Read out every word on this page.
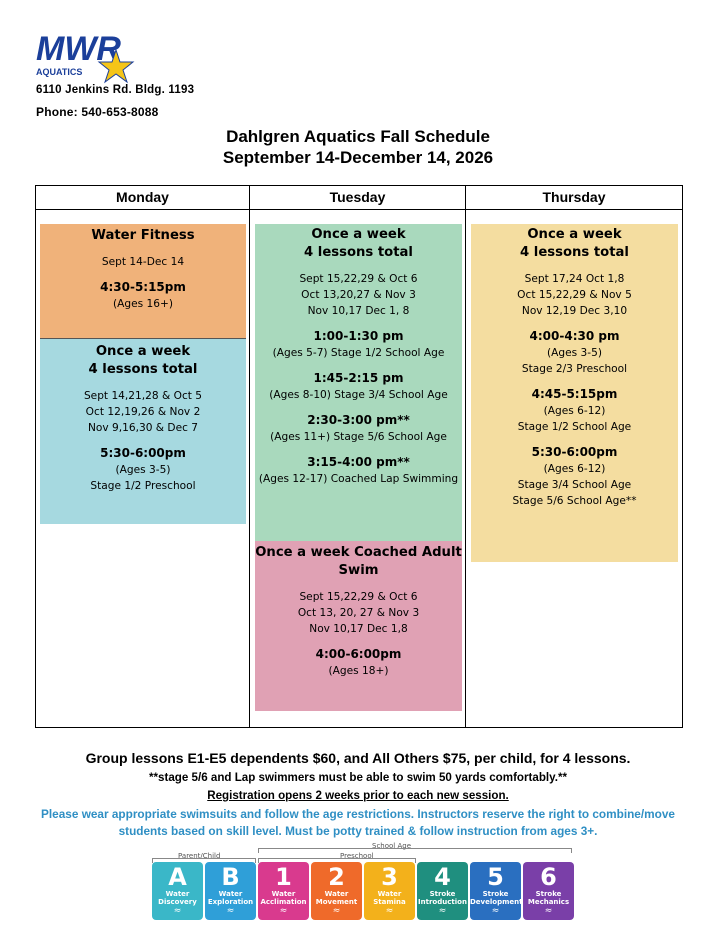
MWR
AQUATICS
6110 Jenkins Rd. Bldg. 1193
Phone: 540-653-8088
Dahlgren Aquatics Fall Schedule
September 14-December 14, 2026
Monday	Tuesday	Thursday
Water Fitness
Sept 14-Dec 14
4:30-5:15pm
(Ages 16+)
Once a week
4 lessons total
Sept 14,21,28 & Oct 5
Oct 12,19,26 & Nov 2
Nov 9,16,30 & Dec 7
5:30-6:00pm
(Ages 3-5)
Stage 1/2 Preschool
Once a week
4 lessons total
Sept 15,22,29 & Oct 6
Oct 13,20,27 & Nov 3
Nov 10,17 Dec 1, 8
1:00-1:30 pm
(Ages 5-7) Stage 1/2 School Age
1:45-2:15 pm
(Ages 8-10) Stage 3/4 School Age
2:30-3:00 pm**
(Ages 11+) Stage 5/6 School Age
3:15-4:00 pm**
(Ages 12-17) Coached Lap Swimming
Once a week Coached Adult
Swim
Sept 15,22,29 & Oct 6
Oct 13, 20, 27 & Nov 3
Nov 10,17 Dec 1,8
4:00-6:00pm
(Ages 18+)
Once a week
4 lessons total
Sept 17,24 Oct 1,8
Oct 15,22,29 & Nov 5
Nov 12,19 Dec 3,10
4:00-4:30 pm
(Ages 3-5)
Stage 2/3 Preschool
4:45-5:15pm
(Ages 6-12)
Stage 1/2 School Age
5:30-6:00pm
(Ages 6-12)
Stage 3/4 School Age
Stage 5/6 School Age**
Group lessons E1-E5 dependents $60, and All Others $75, per child, for 4 lessons.
**stage 5/6 and Lap swimmers must be able to swim 50 yards comfortably.**
Registration opens 2 weeks prior to each new session.
Please wear appropriate swimsuits and follow the age restrictions. Instructors reserve the right to combine/move students based on skill level. Must be potty trained & follow instruction from ages 3+.
Parent/Child	Preschool
School Age
A
Water
Discovery
≈
B
Water
Exploration
≈
1
Water
Acclimation
≈
2
Water
Movement
≈
3
Water
Stamina
≈
4
Stroke
Introduction
≈
5
Stroke
Development
≈
6
Stroke
Mechanics
≈
